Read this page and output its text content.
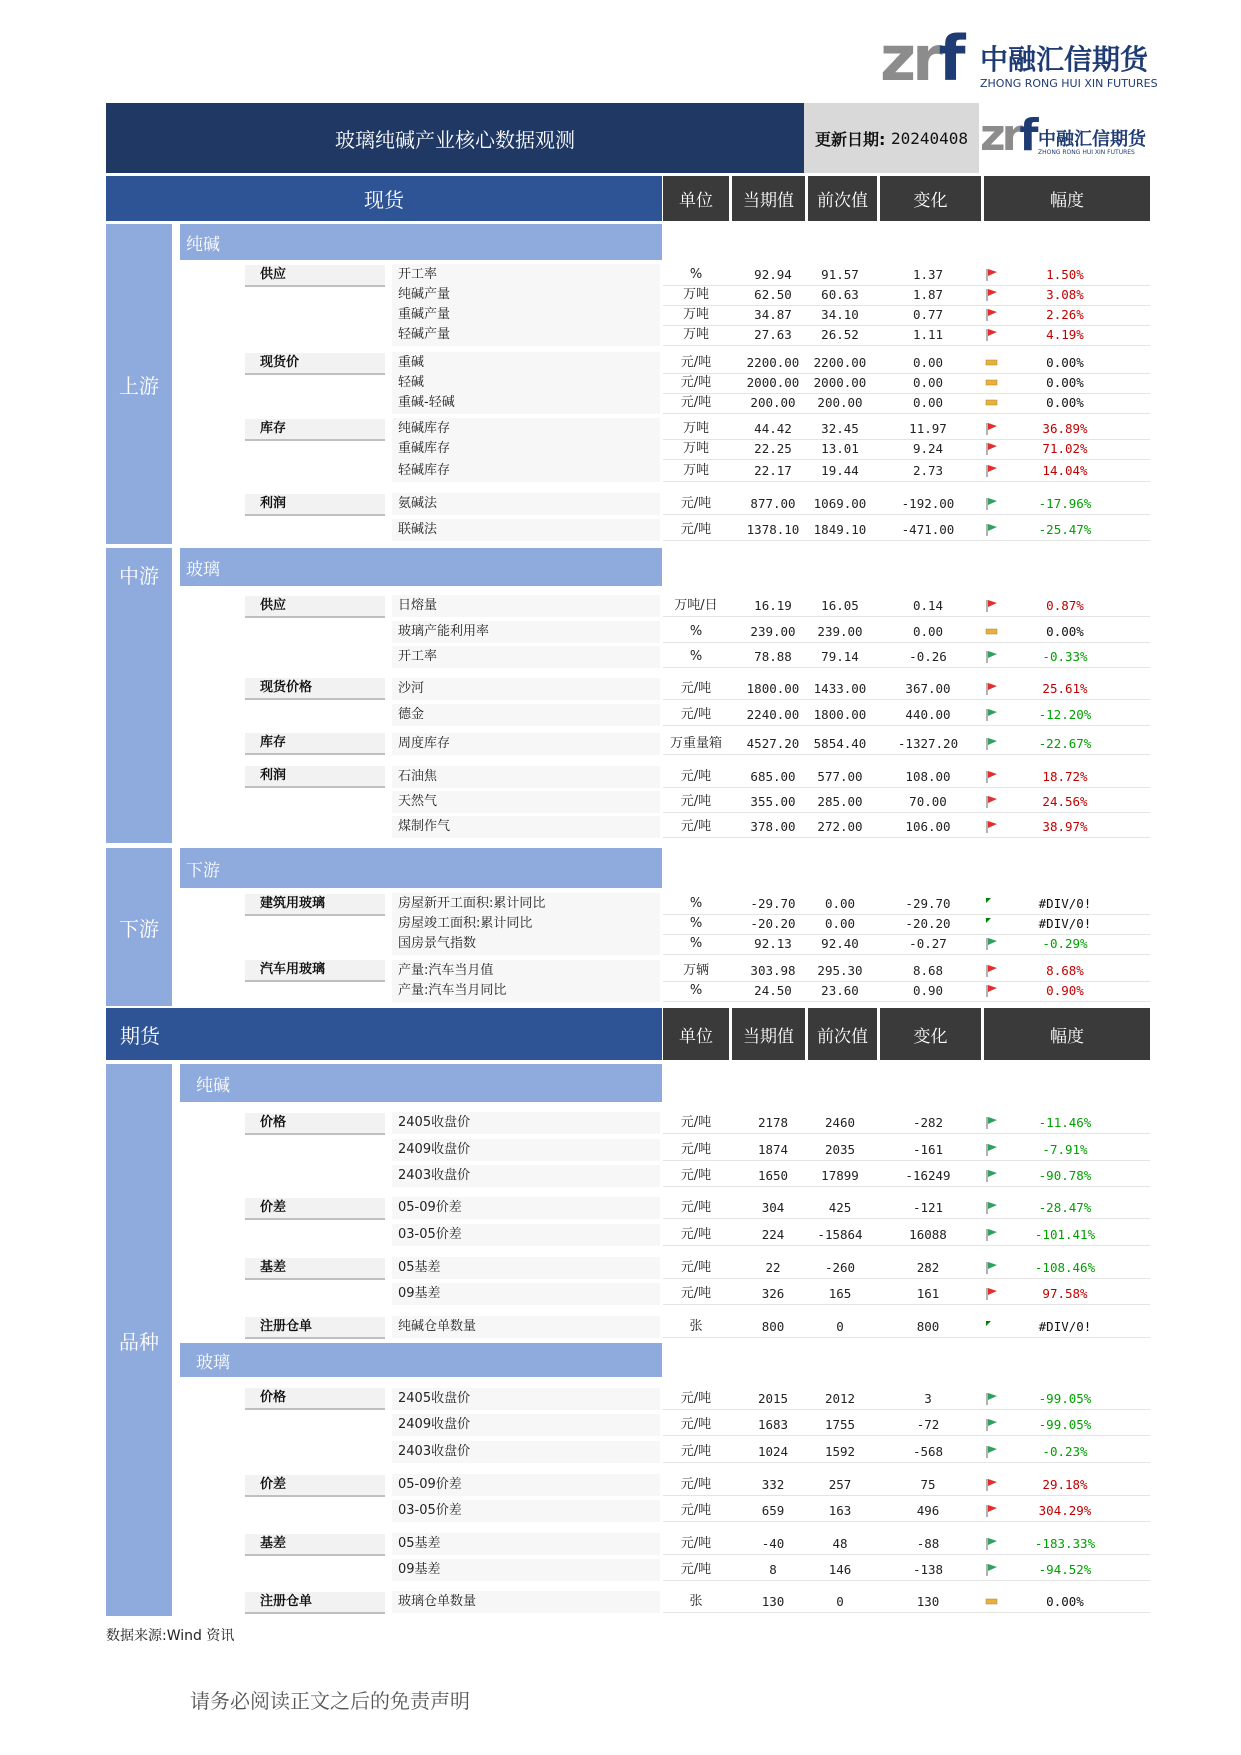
zrf 中融汇信期货
ZHONG RONG HUI XIN FUTURES
玻璃纯碱产业核心数据观测	更新日期:
20240408 zrf 中融汇信期货
ZHONG RONG HUI XIN FUTURES
现货	单位	当期值	前次值	变化	幅度
上游
中游
下游
纯碱
玻璃
下游
供应
现货价
库存
利润
供应
现货价格
库存
利润
建筑用玻璃
汽车用玻璃
期货	单位	当期值	前次值	变化	幅度
品种
纯碱
玻璃
价格
价差
基差
注册仓单
价格
价差
基差
注册仓单
开工率	%	92.94	91.57	1.37	1.50%
纯碱产量	万吨	62.50	60.63	1.87	3.08%
重碱产量	万吨	34.87	34.10	0.77	2.26%
轻碱产量	万吨	27.63	26.52	1.11	4.19%
重碱	元/吨	2200.00	2200.00	0.00	0.00%
轻碱	元/吨	2000.00	2000.00	0.00	0.00%
重碱-轻碱	元/吨	200.00	200.00	0.00	0.00%
纯碱库存	万吨	44.42	32.45	11.97	36.89%
重碱库存	万吨	22.25	13.01	9.24	71.02%
轻碱库存	万吨	22.17	19.44	2.73	14.04%
氨碱法	元/吨	877.00	1069.00	-192.00	-17.96%
联碱法	元/吨	1378.10	1849.10	-471.00	-25.47%
日熔量	万吨/日	16.19	16.05	0.14	0.87%
玻璃产能利用率	%	239.00	239.00	0.00	0.00%
开工率	%	78.88	79.14	-0.26	-0.33%
沙河	元/吨	1800.00	1433.00	367.00	25.61%
德金	元/吨	2240.00	1800.00	440.00	-12.20%
周度库存	万重量箱	4527.20	5854.40	-1327.20	-22.67%
石油焦	元/吨	685.00	577.00	108.00	18.72%
天然气	元/吨	355.00	285.00	70.00	24.56%
煤制作气	元/吨	378.00	272.00	106.00	38.97%
房屋新开工面积:累计同比	%	-29.70	0.00	-29.70	#DIV/0!
房屋竣工面积:累计同比	%	-20.20	0.00	-20.20	#DIV/0!
国房景气指数	%	92.13	92.40	-0.27	-0.29%
产量:汽车当月值	万辆	303.98	295.30	8.68	8.68%
产量:汽车当月同比	%	24.50	23.60	0.90	0.90%
2405收盘价	元/吨	2178	2460	-282	-11.46%
2409收盘价	元/吨	1874	2035	-161	-7.91%
2403收盘价	元/吨	1650	17899	-16249	-90.78%
05-09价差	元/吨	304	425	-121	-28.47%
03-05价差	元/吨	224	-15864	16088	-101.41%
05基差	元/吨	22	-260	282	-108.46%
09基差	元/吨	326	165	161	97.58%
纯碱仓单数量	张	800	0	800	#DIV/0!
2405收盘价	元/吨	2015	2012	3	-99.05%
2409收盘价	元/吨	1683	1755	-72	-99.05%
2403收盘价	元/吨	1024	1592	-568	-0.23%
05-09价差	元/吨	332	257	75	29.18%
03-05价差	元/吨	659	163	496	304.29%
05基差	元/吨	-40	48	-88	-183.33%
09基差	元/吨	8	146	-138	-94.52%
玻璃仓单数量	张	130	0	130	0.00%
数据来源:Wind 资讯
请务必阅读正文之后的免责声明
